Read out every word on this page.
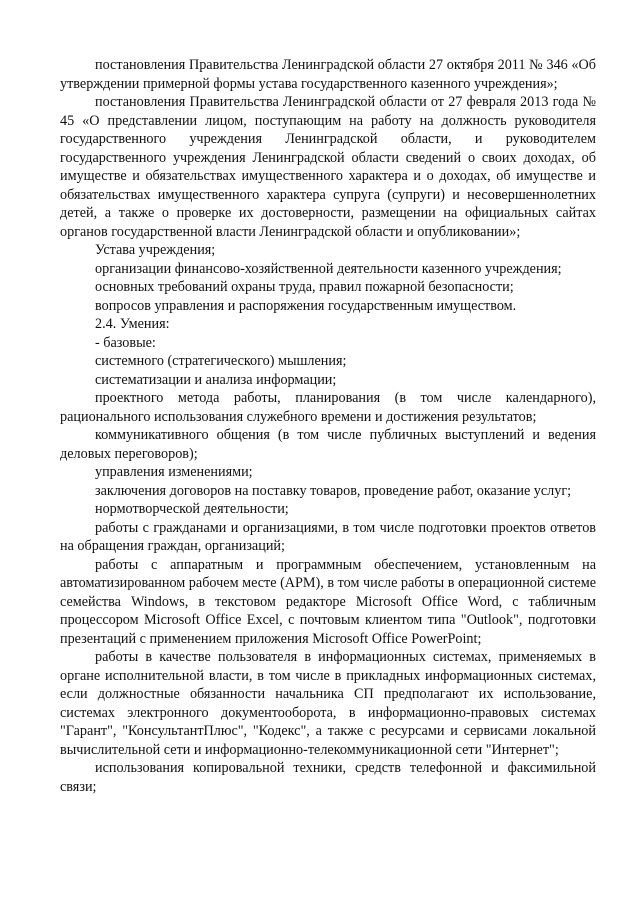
постановления Правительства Ленинградской области 27 октября 2011 № 346 «Об утверждении примерной формы устава государственного казенного учреждения»;

постановления Правительства Ленинградской области от 27 февраля 2013 года № 45 «О представлении лицом, поступающим на работу на должность руководителя государственного учреждения Ленинградской области, и руководителем государственного учреждения Ленинградской области сведений о своих доходах, об имуществе и обязательствах имущественного характера и о доходах, об имуществе и обязательствах имущественного характера супруга (супруги) и несовершеннолетних детей, а также о проверке их достоверности, размещении на официальных сайтах органов государственной власти Ленинградской области и опубликовании»;

Устава учреждения;

организации финансово-хозяйственной деятельности казенного учреждения;

основных требований охраны труда, правил пожарной безопасности;

вопросов управления и распоряжения государственным имуществом.

2.4. Умения:

- базовые:

системного (стратегического) мышления;

систематизации и анализа информации;

проектного метода работы, планирования (в том числе календарного), рационального использования служебного времени и достижения результатов;

коммуникативного общения (в том числе публичных выступлений и ведения деловых переговоров);

управления изменениями;

заключения договоров на поставку товаров, проведение работ, оказание услуг;

нормотворческой деятельности;

работы с гражданами и организациями, в том числе подготовки проектов ответов на обращения граждан, организаций;

работы с аппаратным и программным обеспечением, установленным на автоматизированном рабочем месте (АРМ), в том числе работы в операционной системе семейства Windows, в текстовом редакторе Microsoft Office Word, с табличным процессором Microsoft Office Excel, с почтовым клиентом типа "Outlook", подготовки презентаций с применением приложения Microsoft Office PowerPoint;

работы в качестве пользователя в информационных системах, применяемых в органе исполнительной власти, в том числе в прикладных информационных системах, если должностные обязанности начальника СП предполагают их использование, системах электронного документооборота, в информационно-правовых системах "Гарант", "КонсультантПлюс", "Кодекс", а также с ресурсами и сервисами локальной вычислительной сети и информационно-телекоммуникационной сети "Интернет";

использования копировальной техники, средств телефонной и факсимильной связи;
